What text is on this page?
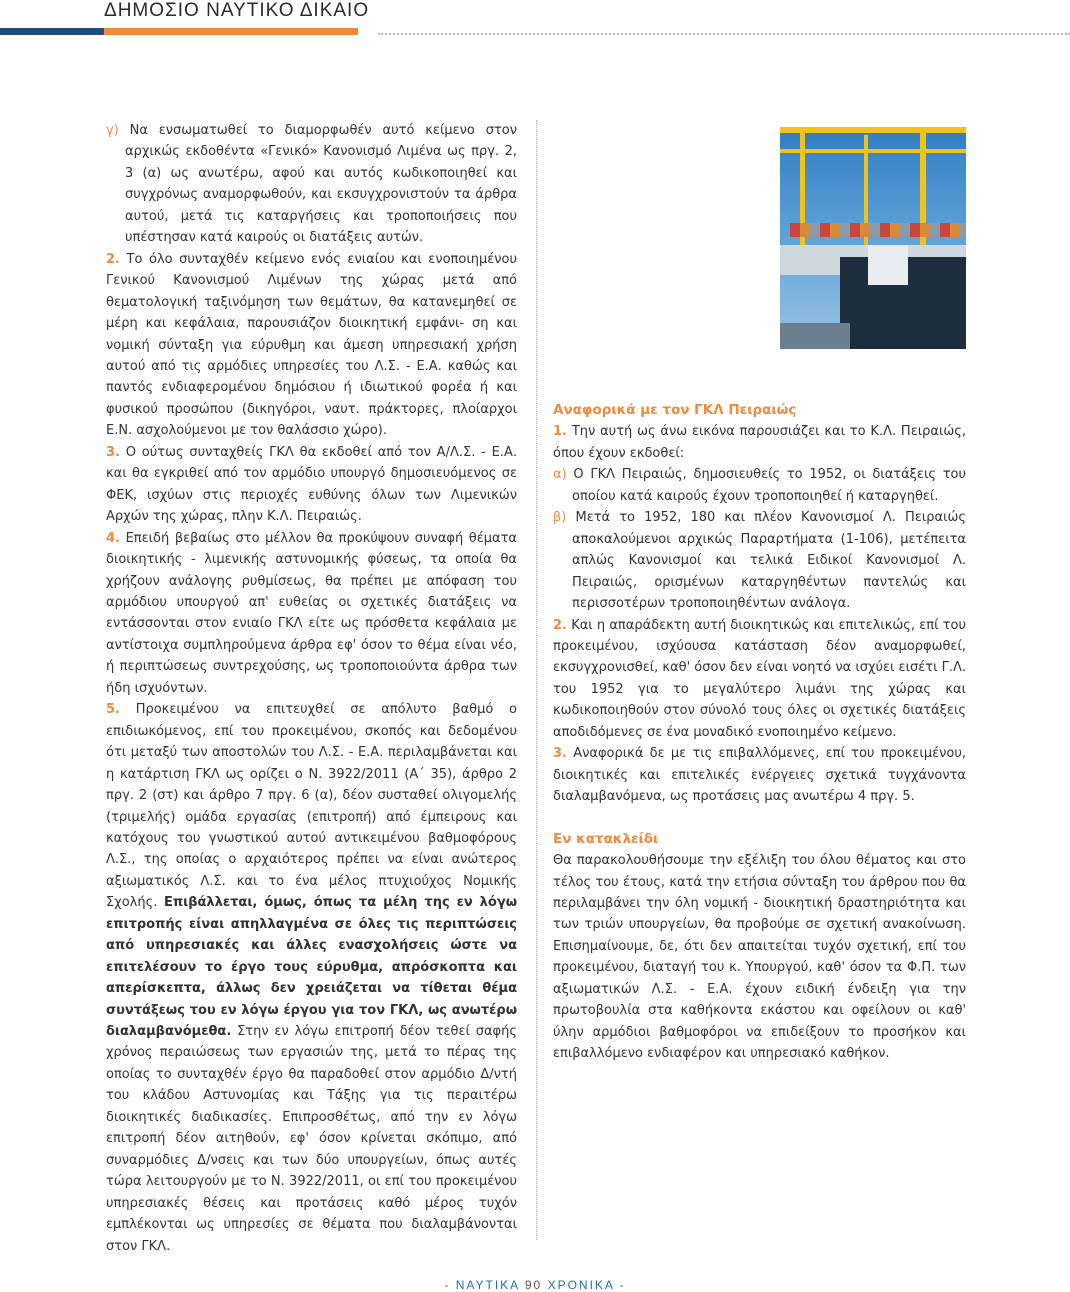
ΔΗΜΟΣΙΟ ΝΑΥΤΙΚΟ ΔΙΚΑΙΟ

γ) Να ενσωματωθεί το διαμορφωθέν αυτό κείμενο στον αρχικώς εκδοθέντα «Γενικό» Κανονισμό Λιμένα ως πργ. 2, 3 (α) ως ανωτέρω, αφού και αυτός κωδικοποιηθεί και συγχρόνως αναμορφωθούν, και εκσυγχρονιστούν τα άρθρα αυτού, μετά τις καταργήσεις και τροποποιήσεις που υπέστησαν κατά καιρούς οι διατάξεις αυτών.

2. Το όλο συνταχθέν κείμενο ενός ενιαίου και ενοποιημένου Γενικού Κανονισμού Λιμένων της χώρας μετά από θεματολογική ταξινόμηση των θεμάτων, θα κατανεμηθεί σε μέρη και κεφάλαια, παρουσιάζον διοικητική εμφάνι- ση και νομική σύνταξη για εύρυθμη και άμεση υπηρεσιακή χρήση αυτού από τις αρμόδιες υπηρεσίες του Λ.Σ. - Ε.Α. καθώς και παντός ενδιαφερομένου δημόσιου ή ιδιωτικού φορέα ή και φυσικού προσώπου (δικηγόροι, ναυτ. πράκτορες, πλοίαρχοι Ε.Ν. ασχολούμενοι με τον θαλάσσιο χώρο).

3. Ο ούτως συνταχθείς ΓΚΛ θα εκδοθεί από τον Α/Λ.Σ. - Ε.Α. και θα εγκριθεί από τον αρμόδιο υπουργό δημοσιευόμενος σε ΦΕΚ, ισχύων στις περιοχές ευθύνης όλων των Λιμενικών Αρχών της χώρας, πλην Κ.Λ. Πειραιώς.

4. Επειδή βεβαίως στο μέλλον θα προκύψουν συναφή θέματα διοικητικής - λιμενικής αστυνομικής φύσεως, τα οποία θα χρήζουν ανάλογης ρυθμίσεως, θα πρέπει με απόφαση του αρμόδιου υπουργού απ' ευθείας οι σχετικές διατάξεις να εντάσσονται στον ενιαίο ΓΚΛ είτε ως πρόσθετα κεφάλαια με αντίστοιχα συμπληρούμενα άρθρα εφ' όσον το θέμα είναι νέο, ή περιπτώσεως συντρεχούσης, ως τροποποιούντα άρθρα των ήδη ισχυόντων.

5. Προκειμένου να επιτευχθεί σε απόλυτο βαθμό ο επιδιωκόμενος, επί του προκειμένου, σκοπός και δεδομένου ότι μεταξύ των αποστολών του Λ.Σ. - Ε.Α. περιλαμβάνεται και η κατάρτιση ΓΚΛ ως ορίζει ο Ν. 3922/2011 (Α΄ 35), άρθρο 2 πργ. 2 (στ) και άρθρο 7 πργ. 6 (α), δέον συσταθεί ολιγομελής (τριμελής) ομάδα εργασίας (επιτροπή) από έμπειρους και κατόχους του γνωστικού αυτού αντικειμένου βαθμοφόρους Λ.Σ., της οποίας ο αρχαιότερος πρέπει να είναι ανώτερος αξιωματικός Λ.Σ. και το ένα μέλος πτυχιούχος Νομικής Σχολής. Επιβάλλεται, όμως, όπως τα μέλη της εν λόγω επιτροπής είναι απηλλαγμένα σε όλες τις περιπτώσεις από υπηρεσιακές και άλλες ενασχολήσεις ώστε να επιτελέσουν το έργο τους εύρυθμα, απρόσκοπτα και απερίσκεπτα, άλλως δεν χρειάζεται να τίθεται θέμα συντάξεως του εν λόγω έργου για τον ΓΚΛ, ως ανωτέρω διαλαμβανόμεθα. Στην εν λόγω επιτροπή δέον τεθεί σαφής χρόνος περαιώσεως των εργασιών της, μετά το πέρας της οποίας το συνταχθέν έργο θα παραδοθεί στον αρμόδιο Δ/ντή του κλάδου Αστυνομίας και Τάξης για τις περαιτέρω διοικητικές διαδικασίες. Επιπροσθέτως, από την εν λόγω επιτροπή δέον αιτηθούν, εφ' όσον κρίνεται σκόπιμο, από συναρμόδιες Δ/νσεις και των δύο υπουργείων, όπως αυτές τώρα λειτουργούν με το Ν. 3922/2011, οι επί του προκειμένου υπηρεσιακές θέσεις και προτάσεις καθό μέρος τυχόν εμπλέκονται ως υπηρεσίες σε θέματα που διαλαμβάνονται στον ΓΚΛ.

Αναφορικά με τον ΓΚΛ Πειραιώς

1. Την αυτή ως άνω εικόνα παρουσιάζει και το Κ.Λ. Πειραιώς, όπου έχουν εκδοθεί:

α) Ο ΓΚΛ Πειραιώς, δημοσιευθείς το 1952, οι διατάξεις του οποίου κατά καιρούς έχουν τροποποιηθεί ή καταργηθεί.

β) Μετά το 1952, 180 και πλέον Κανονισμοί Λ. Πειραιώς αποκαλούμενοι αρχικώς Παραρτήματα (1-106), μετέπειτα απλώς Κανονισμοί και τελικά Ειδικοί Κανονισμοί Λ. Πειραιώς, ορισμένων καταργηθέντων παντελώς και περισσοτέρων τροποποιηθέντων ανάλογα.

2. Και η απαράδεκτη αυτή διοικητικώς και επιτελικώς, επί του προκειμένου, ισχύουσα κατάσταση δέον αναμορφωθεί, εκσυγχρονισθεί, καθ' όσον δεν είναι νοητό να ισχύει εισέτι Γ.Λ. του 1952 για το μεγαλύτερο λιμάνι της χώρας και κωδικοποιηθούν στον σύνολό τους όλες οι σχετικές διατάξεις αποδιδόμενες σε ένα μοναδικό ενοποιημένο κείμενο.

3. Αναφορικά δε με τις επιβαλλόμενες, επί του προκειμένου, διοικητικές και επιτελικές ενέργειες σχετικά τυγχάνοντα διαλαμβανόμενα, ως προτάσεις μας ανωτέρω 4 πργ. 5.

Εν κατακλείδι

Θα παρακολουθήσουμε την εξέλιξη του όλου θέματος και στο τέλος του έτους, κατά την ετήσια σύνταξη του άρθρου που θα περιλαμβάνει την όλη νομική - διοικητική δραστηριότητα και των τριών υπουργείων, θα προβούμε σε σχετική ανακοίνωση. Επισημαίνουμε, δε, ότι δεν απαιτείται τυχόν σχετική, επί του προκειμένου, διαταγή του κ. Υπουργού, καθ' όσον τα Φ.Π. των αξιωματικών Λ.Σ. - Ε.Α. έχουν ειδική ένδειξη για την πρωτοβουλία στα καθήκοντα εκάστου και οφείλουν οι καθ' ύλην αρμόδιοι βαθμοφόροι να επιδείξουν το προσήκον και επιβαλλόμενο ενδιαφέρον και υπηρεσιακό καθήκον.

- ΝΑΥΤΙΚΑ 90 ΧΡΟΝΙΚΑ -
